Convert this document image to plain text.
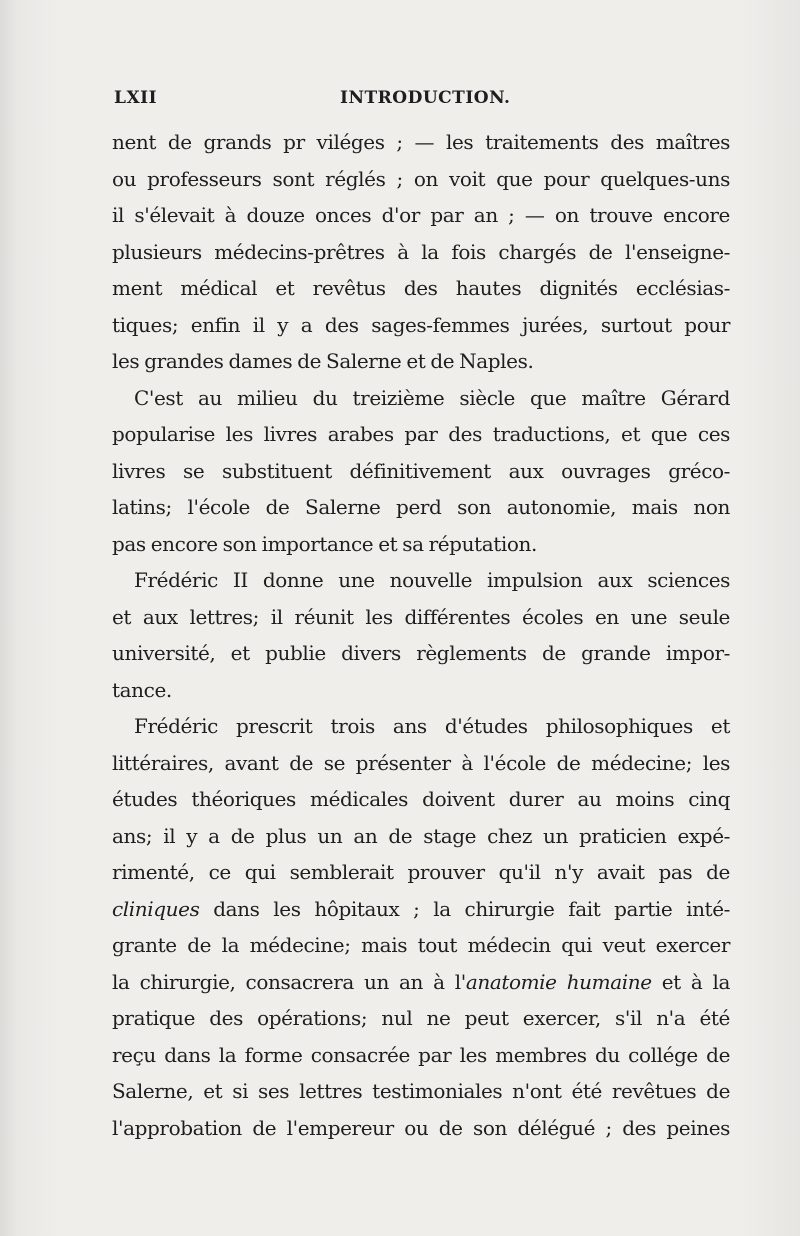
LXII	INTRODUCTION.
nent de grands pr viléges ; — les traitements des maîtres
ou professeurs sont réglés ; on voit que pour quelques-uns
il s'élevait à douze onces d'or par an ; — on trouve encore
plusieurs médecins-prêtres à la fois chargés de l'enseigne-
ment médical et revêtus des hautes dignités ecclésias-
tiques; enfin il y a des sages-femmes jurées, surtout pour
les grandes dames de Salerne et de Naples.
C'est au milieu du treizième siècle que maître Gérard
popularise les livres arabes par des traductions, et que ces
livres se substituent définitivement aux ouvrages gréco-
latins; l'école de Salerne perd son autonomie, mais non
pas encore son importance et sa réputation.
Frédéric II donne une nouvelle impulsion aux sciences
et aux lettres; il réunit les différentes écoles en une seule
université, et publie divers règlements de grande impor-
tance.
Frédéric prescrit trois ans d'études philosophiques et
littéraires, avant de se présenter à l'école de médecine; les
études théoriques médicales doivent durer au moins cinq
ans; il y a de plus un an de stage chez un praticien expé-
rimenté, ce qui semblerait prouver qu'il n'y avait pas de
cliniques dans les hôpitaux ; la chirurgie fait partie inté-
grante de la médecine; mais tout médecin qui veut exercer
la chirurgie, consacrera un an à l'anatomie humaine et à la
pratique des opérations; nul ne peut exercer, s'il n'a été
reçu dans la forme consacrée par les membres du collége de
Salerne, et si ses lettres testimoniales n'ont été revêtues de
l'approbation de l'empereur ou de son délégué ; des peines
